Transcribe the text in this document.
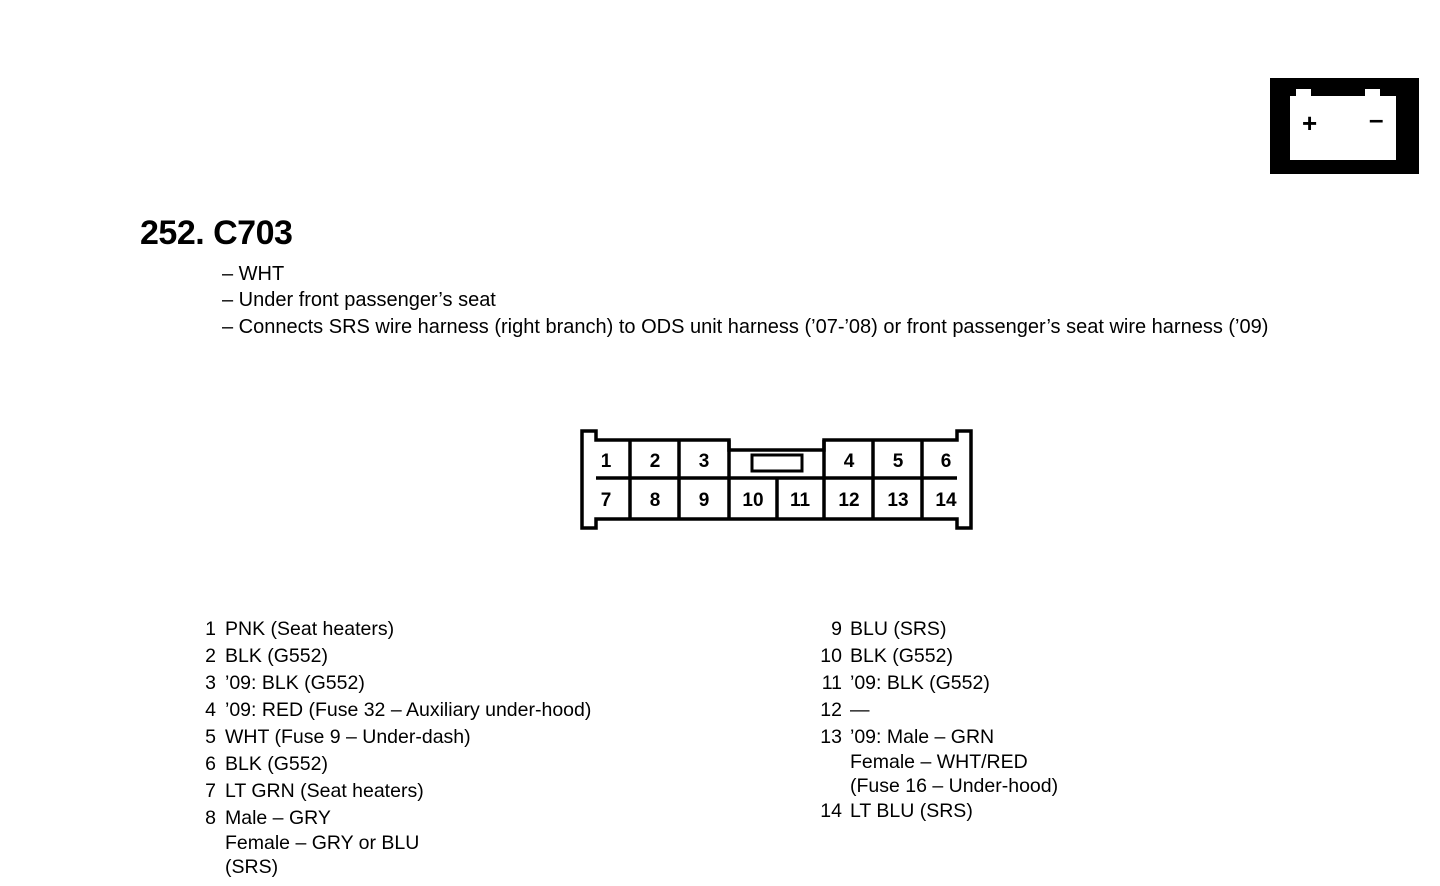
+ –
252. C703
– WHT
– Under front passenger’s seat
– Connects SRS wire harness (right branch) to ODS unit harness (’07-’08) or front passenger’s seat wire harness (’09)
1 2 3	4 5 6
7 8 9 10 11 12 13 14
1 PNK (Seat heaters)
2 BLK (G552)
3 ’09: BLK (G552)
4 ’09: RED (Fuse 32 – Auxiliary under-hood)
5 WHT (Fuse 9 – Under-dash)
6 BLK (G552)
7 LT GRN (Seat heaters)
8 Male – GRY
Female – GRY or BLU
(SRS)
9 BLU (SRS)
10 BLK (G552)
11 ’09: BLK (G552)
12 —
13 ’09: Male – GRN
Female – WHT/RED
(Fuse 16 – Under-hood)
14 LT BLU (SRS)
